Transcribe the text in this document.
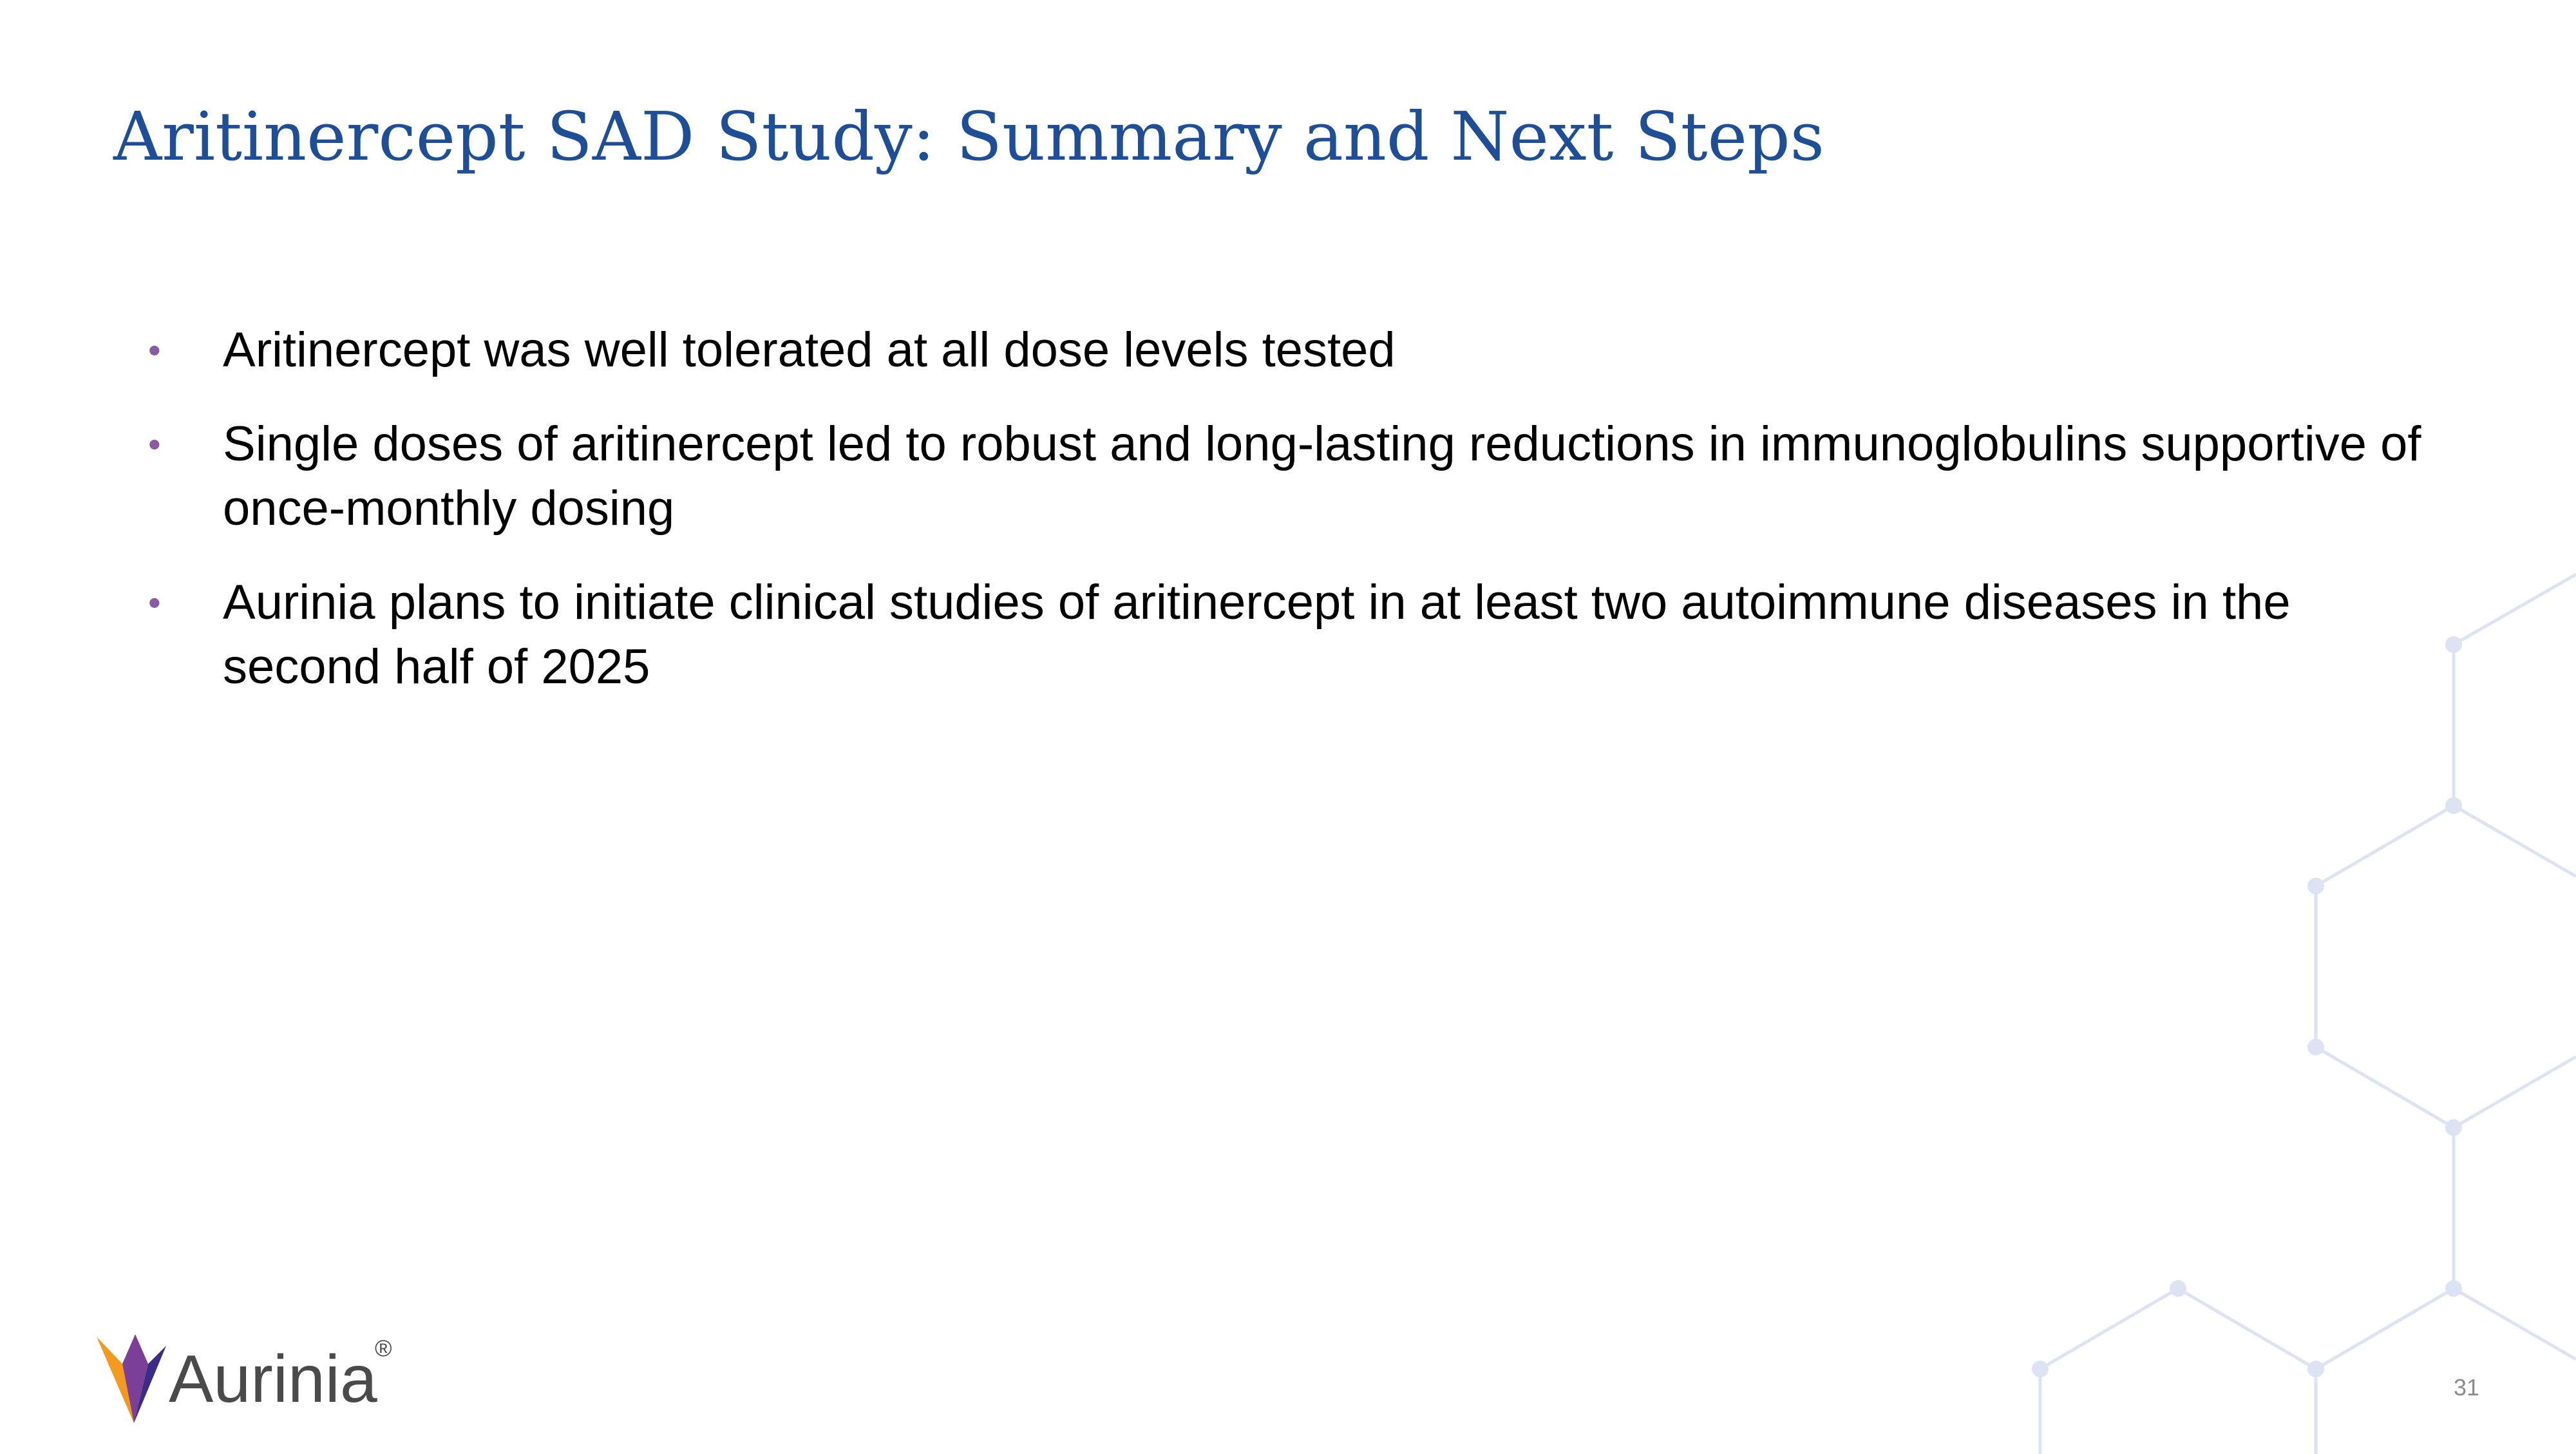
Aritinercept SAD Study: Summary and Next Steps
• Aritinercept was well tolerated at all dose levels tested
• Single doses of aritinercept led to robust and long-lasting reductions in immunoglobulins supportive of once-monthly dosing
• Aurinia plans to initiate clinical studies of aritinercept in at least two autoimmune diseases in the second half of 2025
Aurinia
®
31
